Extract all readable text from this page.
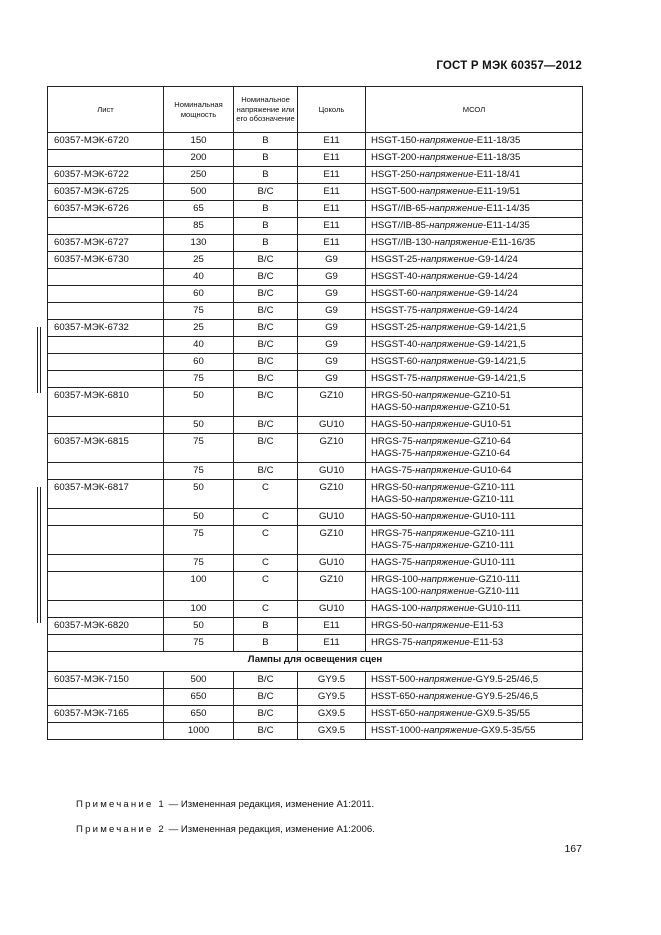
ГОСТ Р МЭК 60357—2012
Лист	Номинальная мощность	Номинальное напряжение или его обозначение	Цоколь	МСОЛ
60357-МЭК-6720	150	В	E11	HSGT-150-напряжение-E11-18/35

	200	В	E11	HSGT-200-напряжение-E11-18/35

60357-МЭК-6722	250	В	E11	HSGT-250-напряжение-E11-18/41

60357-МЭК-6725	500	В/С	E11	HSGT-500-напряжение-E11-19/51

60357-МЭК-6726	65	В	E11	HSGT//IB-65-напряжение-E11-14/35

	85	В	E11	HSGT//IB-85-напряжение-E11-14/35

60357-МЭК-6727	130	В	E11	HSGT//IB-130-напряжение-E11-16/35

60357-МЭК-6730	25	В/С	G9	HSGST-25-напряжение-G9-14/24

	40	В/С	G9	HSGST-40-напряжение-G9-14/24

	60	В/С	G9	HSGST-60-напряжение-G9-14/24

	75	В/С	G9	HSGST-75-напряжение-G9-14/24

60357-МЭК-6732	25	В/С	G9	HSGST-25-напряжение-G9-14/21,5

	40	В/С	G9	HSGST-40-напряжение-G9-14/21,5

	60	В/С	G9	HSGST-60-напряжение-G9-14/21,5

	75	В/С	G9	HSGST-75-напряжение-G9-14/21,5

60357-МЭК-6810	50	В/С	GZ10	HRGS-50-напряжение-GZ10-51
HAGS-50-напряжение-GZ10-51

	50	В/С	GU10	HAGS-50-напряжение-GU10-51

60357-МЭК-6815	75	В/С	GZ10	HRGS-75-напряжение-GZ10-64
HAGS-75-напряжение-GZ10-64

	75	В/С	GU10	HAGS-75-напряжение-GU10-64

60357-МЭК-6817	50	С	GZ10	HRGS-50-напряжение-GZ10-111
HAGS-50-напряжение-GZ10-111

	50	С	GU10	HAGS-50-напряжение-GU10-111

	75	С	GZ10	HRGS-75-напряжение-GZ10-111
HAGS-75-напряжение-GZ10-111

	75	С	GU10	HAGS-75-напряжение-GU10-111

	100	С	GZ10	HRGS-100-напряжение-GZ10-111
HAGS-100-напряжение-GZ10-111

	100	С	GU10	HAGS-100-напряжение-GU10-111

60357-МЭК-6820	50	В	E11	HRGS-50-напряжение-E11-53

	75	В	E11	HRGS-75-напряжение-E11-53

Лампы для освещения сцен				
60357-МЭК-7150	500	В/С	GY9.5	HSST-500-напряжение-GY9.5-25/46,5

	650	В/С	GY9.5	HSST-650-напряжение-GY9.5-25/46,5

60357-МЭК-7165	650	В/С	GX9.5	HSST-650-напряжение-GX9.5-35/55

	1000	В/С	GX9.5	HSST-1000-напряжение-GX9.5-35/55
Примечание 1 — Измененная редакция, изменение А1:2011.
Примечание 2 — Измененная редакция, изменение А1:2006.
167
